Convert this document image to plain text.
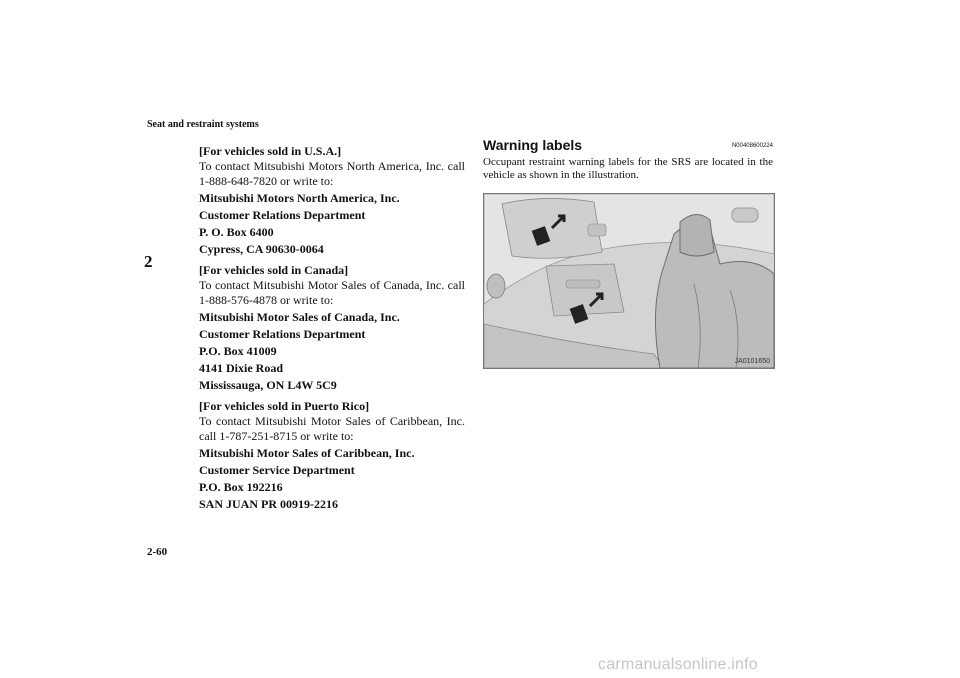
Seat and restraint systems
2
[For vehicles sold in U.S.A.]
To contact Mitsubishi Motors North America, Inc. call 1-888-648-7820 or write to:
Mitsubishi Motors North America, Inc.
Customer Relations Department
P. O. Box 6400
Cypress, CA 90630-0064
[For vehicles sold in Canada]
To contact Mitsubishi Motor Sales of Canada, Inc. call 1-888-576-4878 or write to:
Mitsubishi Motor Sales of Canada, Inc.
Customer Relations Department
P.O. Box 41009
4141 Dixie Road
Mississauga, ON L4W 5C9
[For vehicles sold in Puerto Rico]
To contact Mitsubishi Motor Sales of Caribbean, Inc. call 1-787-251-8715 or write to:
Mitsubishi Motor Sales of Caribbean, Inc.
Customer Service Department
P.O. Box 192216
SAN JUAN PR 00919-2216
Warning labels	N00408600224
Occupant restraint warning labels for the SRS are located in the vehicle as shown in the illustration.
JA0101650
2-60
carmanualsonline.info
